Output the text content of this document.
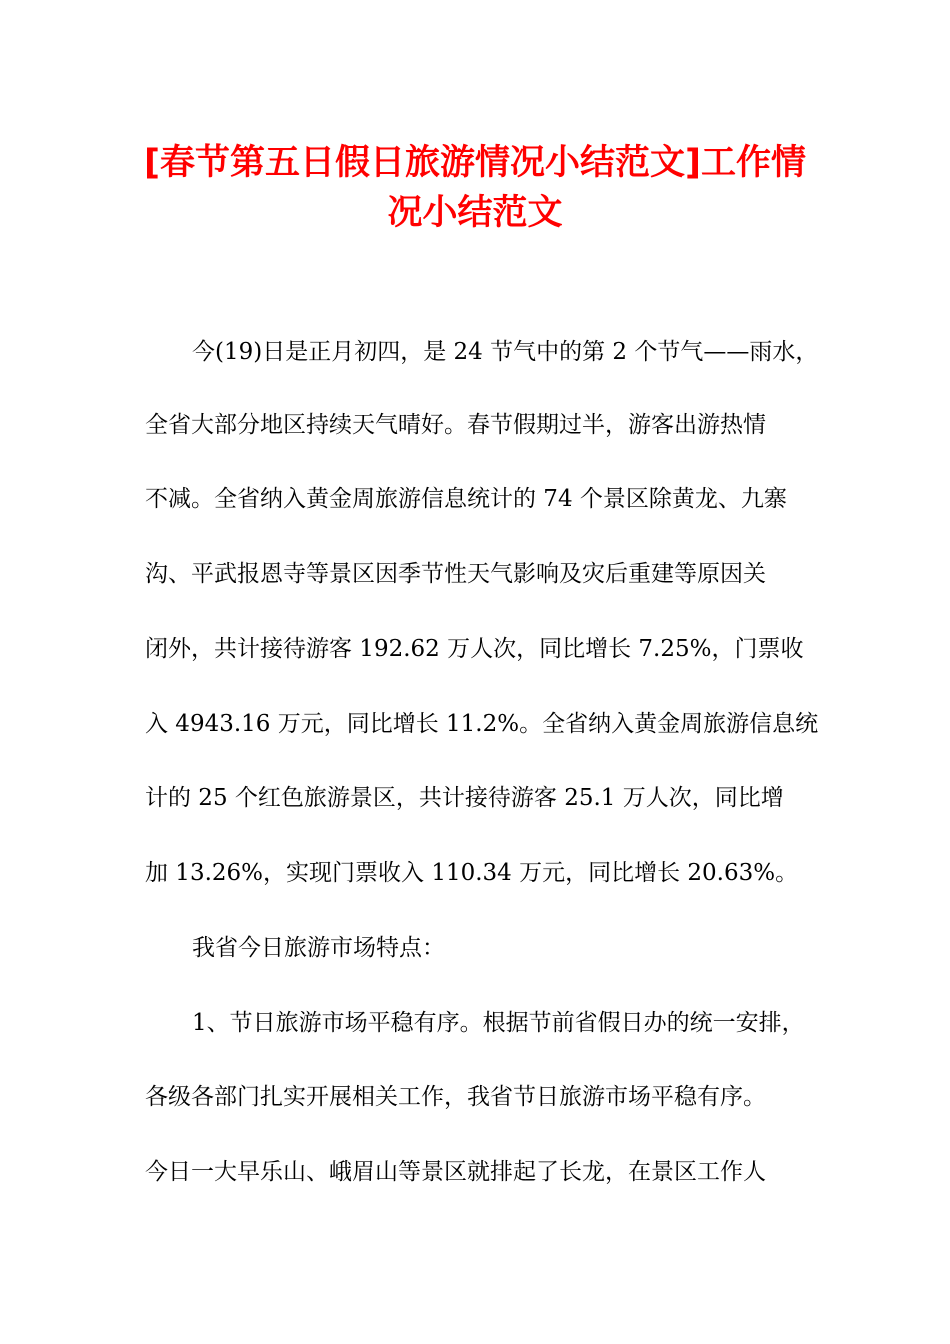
[春节第五日假日旅游情况小结范文]工作情
况小结范文
今(19)日是正月初四，是 24 节气中的第 2 个节气——雨水，
全省大部分地区持续天气晴好。春节假期过半，游客出游热情
不减。全省纳入黄金周旅游信息统计的 74 个景区除黄龙、九寨
沟、平武报恩寺等景区因季节性天气影响及灾后重建等原因关
闭外，共计接待游客 192.62 万人次，同比增长 7.25%，门票收
入 4943.16 万元，同比增长 11.2%。全省纳入黄金周旅游信息统
计的 25 个红色旅游景区，共计接待游客 25.1 万人次，同比增
加 13.26%，实现门票收入 110.34 万元，同比增长 20.63%。
我省今日旅游市场特点：
1、节日旅游市场平稳有序。根据节前省假日办的统一安排，
各级各部门扎实开展相关工作，我省节日旅游市场平稳有序。
今日一大早乐山、峨眉山等景区就排起了长龙，在景区工作人
